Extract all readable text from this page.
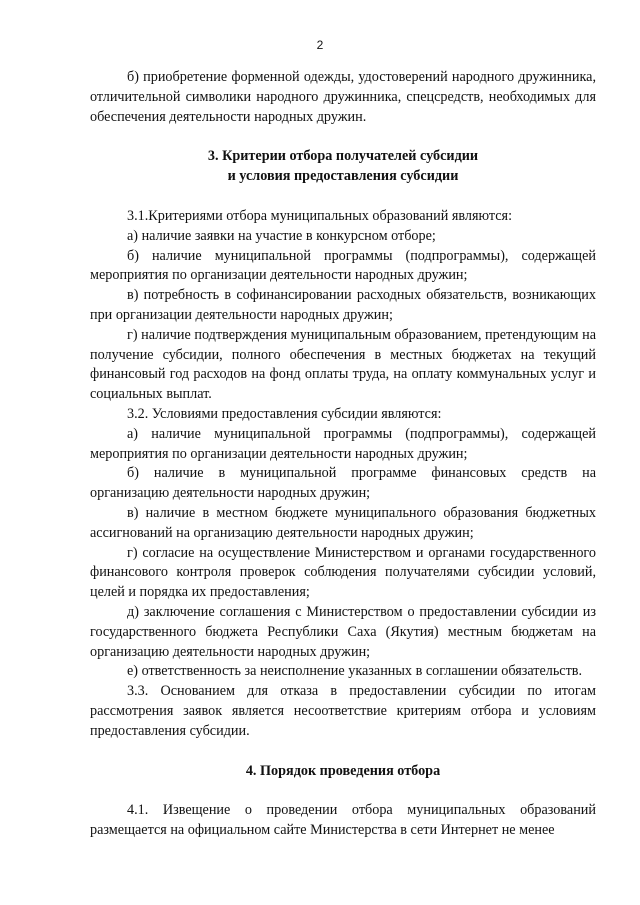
2

б) приобретение форменной одежды, удостоверений народного дружинника, отличительной символики народного дружинника, спецсредств, необходимых для обеспечения деятельности народных дружин.

3. Критерии отбора получателей субсидии
и условия предоставления субсидии

3.1.Критериями отбора муниципальных образований являются:

а) наличие заявки на участие в конкурсном отборе;

б) наличие муниципальной программы (подпрограммы), содержащей мероприятия по организации деятельности народных дружин;

в) потребность в софинансировании расходных обязательств, возникающих при организации деятельности народных дружин;

г) наличие подтверждения муниципальным образованием, претендующим на получение субсидии, полного обеспечения в местных бюджетах на текущий финансовый год расходов на фонд оплаты труда, на оплату коммунальных услуг и социальных выплат.

3.2. Условиями предоставления субсидии являются:

а) наличие муниципальной программы (подпрограммы), содержащей мероприятия по организации деятельности народных дружин;

б) наличие в муниципальной программе финансовых средств на организацию деятельности народных дружин;

в) наличие в местном бюджете муниципального образования бюджетных ассигнований на организацию деятельности народных дружин;

г) согласие на осуществление Министерством и органами государственного финансового контроля проверок соблюдения получателями субсидии условий, целей и порядка их предоставления;

д) заключение соглашения с Министерством о предоставлении субсидии из государственного бюджета Республики Саха (Якутия) местным бюджетам на организацию деятельности народных дружин;

е) ответственность за неисполнение указанных в соглашении обязательств.

3.3. Основанием для отказа в предоставлении субсидии по итогам рассмотрения заявок является несоответствие критериям отбора и условиям предоставления субсидии.

4. Порядок проведения отбора

4.1. Извещение о проведении отбора муниципальных образований размещается на официальном сайте Министерства в сети Интернет не менее
